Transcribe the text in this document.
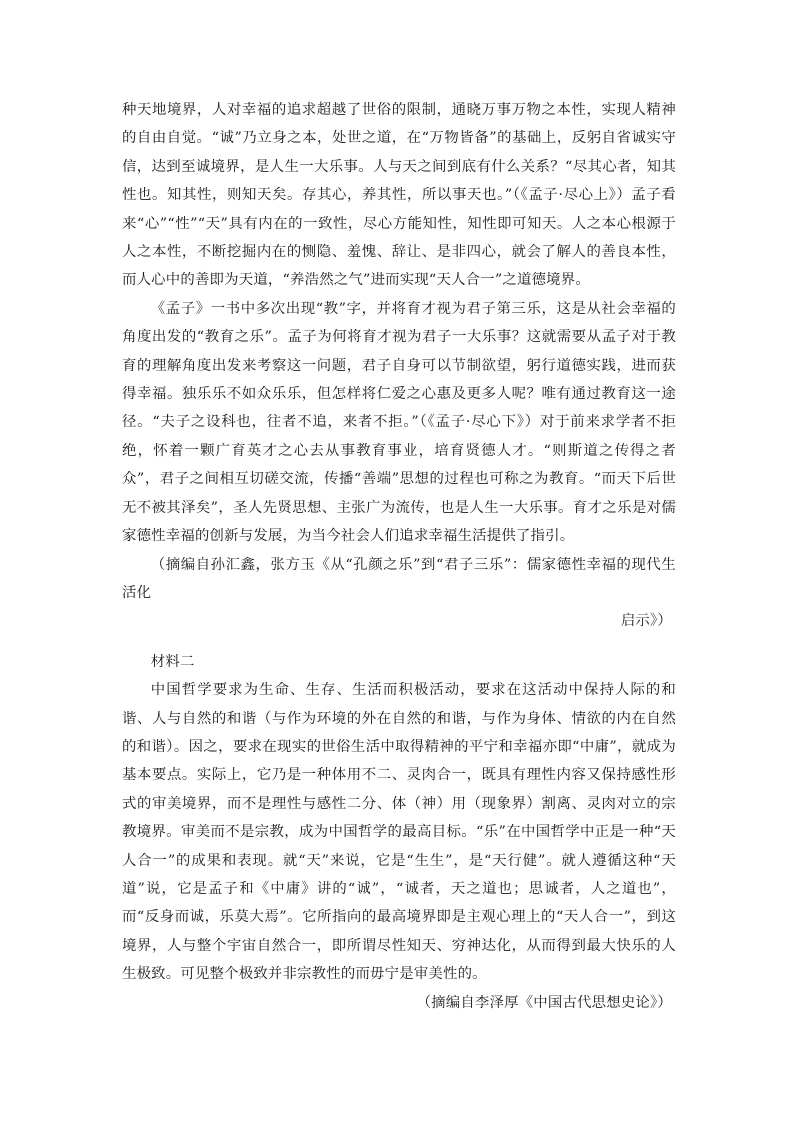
种天地境界，人对幸福的追求超越了世俗的限制，通晓万事万物之本性，实现人精神的自由自觉。“诚”乃立身之本，处世之道，在“万物皆备”的基础上，反躬自省诚实守信，达到至诚境界，是人生一大乐事。人与天之间到底有什么关系？“尽其心者，知其性也。知其性，则知天矣。存其心，养其性，所以事天也。”（《孟子·尽心上》）孟子看来“心”“性”“天”具有内在的一致性，尽心方能知性，知性即可知天。人之本心根源于人之本性，不断挖掘内在的恻隐、羞愧、辞让、是非四心，就会了解人的善良本性，而人心中的善即为天道，“养浩然之气”进而实现“天人合一”之道德境界。

《孟子》一书中多次出现“教”字，并将育才视为君子第三乐，这是从社会幸福的角度出发的“教育之乐”。孟子为何将育才视为君子一大乐事？这就需要从孟子对于教育的理解角度出发来考察这一问题，君子自身可以节制欲望，躬行道德实践，进而获得幸福。独乐乐不如众乐乐，但怎样将仁爱之心惠及更多人呢？唯有通过教育这一途径。“夫子之设科也，往者不追，来者不拒。”（《孟子·尽心下》）对于前来求学者不拒绝，怀着一颗广育英才之心去从事教育事业，培育贤德人才。“则斯道之传得之者众”，君子之间相互切磋交流，传播“善端”思想的过程也可称之为教育。“而天下后世无不被其泽矣”，圣人先贤思想、主张广为流传，也是人生一大乐事。育才之乐是对儒家德性幸福的创新与发展，为当今社会人们追求幸福生活提供了指引。

（摘编自孙汇鑫，张方玉《从“孔颜之乐”到“君子三乐”：儒家德性幸福的现代生活化

启示》）

材料二

中国哲学要求为生命、生存、生活而积极活动，要求在这活动中保持人际的和谐、人与自然的和谐（与作为环境的外在自然的和谐，与作为身体、情欲的内在自然的和谐）。因之，要求在现实的世俗生活中取得精神的平宁和幸福亦即“中庸”，就成为基本要点。实际上，它乃是一种体用不二、灵肉合一，既具有理性内容又保持感性形式的审美境界，而不是理性与感性二分、体（神）用（现象界）割离、灵肉对立的宗教境界。审美而不是宗教，成为中国哲学的最高目标。“乐”在中国哲学中正是一种“天人合一”的成果和表现。就“天”来说，它是“生生”，是“天行健”。就人遵循这种“天道”说，它是孟子和《中庸》讲的“诚”，“诚者，天之道也；思诚者，人之道也”，而“反身而诚，乐莫大焉”。它所指向的最高境界即是主观心理上的“天人合一”，到这境界，人与整个宇宙自然合一，即所谓尽性知天、穷神达化，从而得到最大快乐的人生极致。可见整个极致并非宗教性的而毋宁是审美性的。

（摘编自李泽厚《中国古代思想史论》）
